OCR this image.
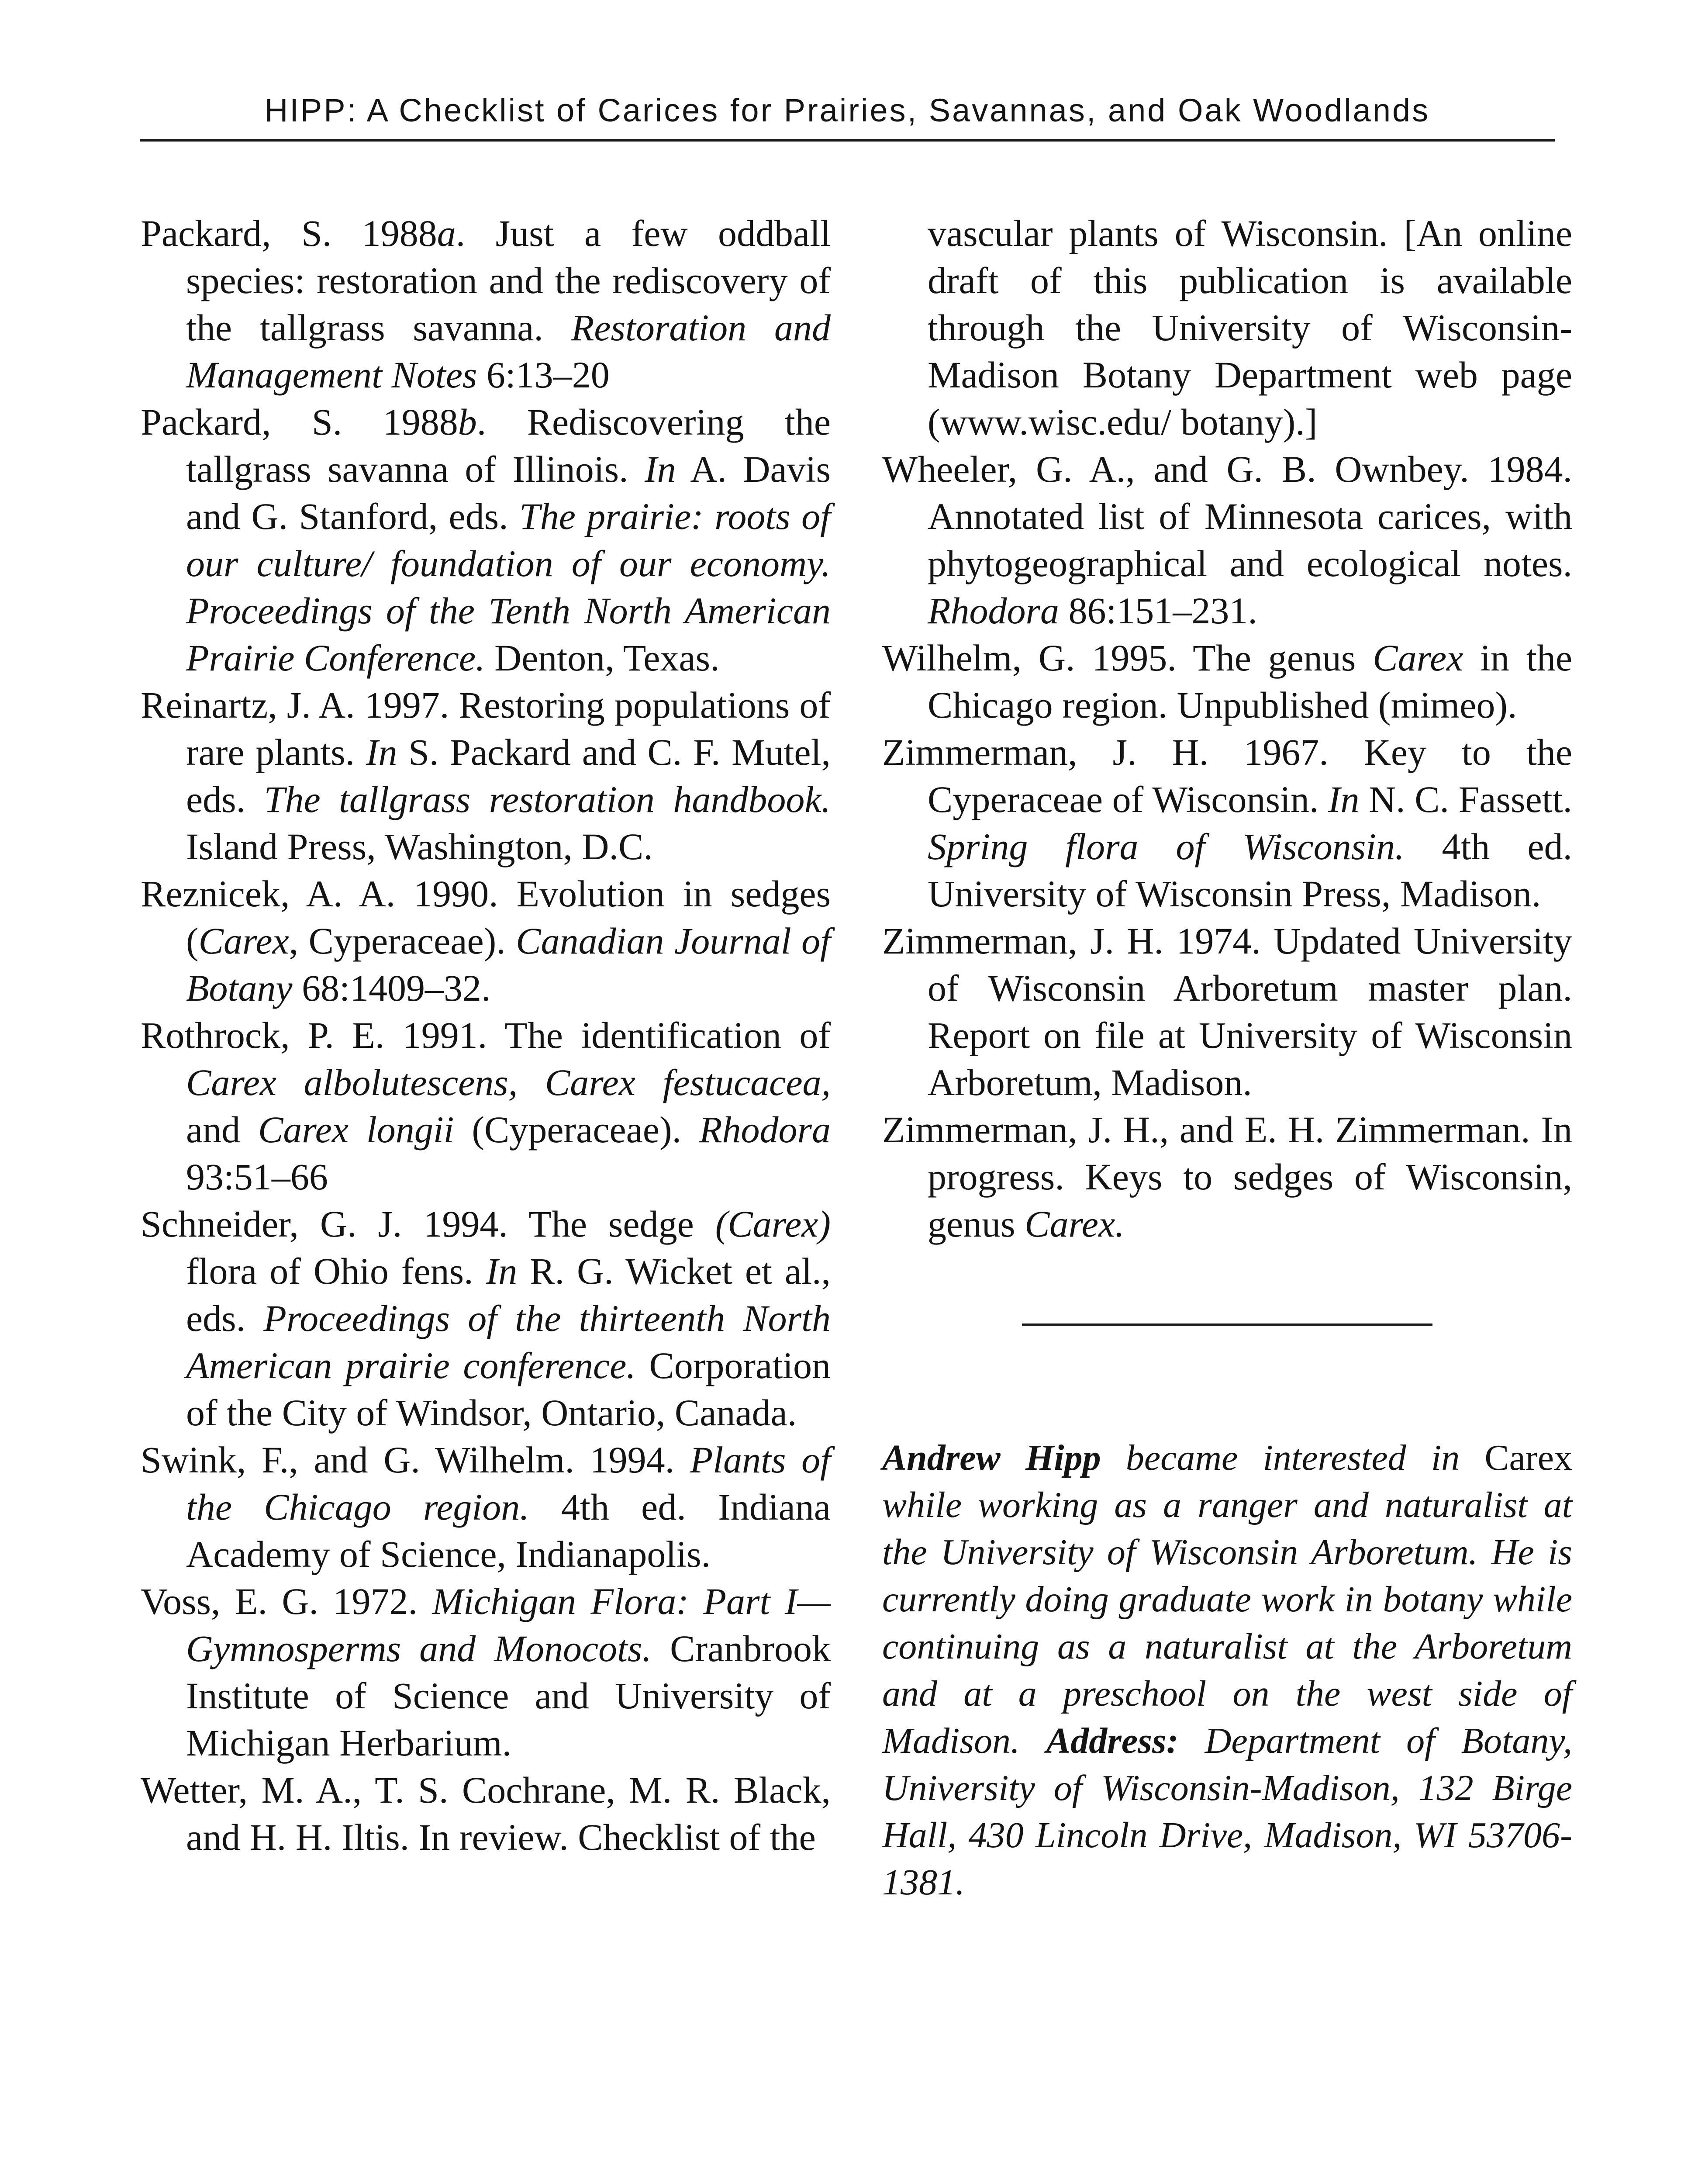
HIPP: A Checklist of Carices for Prairies, Savannas, and Oak Woodlands

Packard, S. 1988a. Just a few oddball species: restoration and the rediscovery of the tallgrass savanna. Restoration and Management Notes 6:13–20

Packard, S. 1988b. Rediscovering the tallgrass savanna of Illinois. In A. Davis and G. Stanford, eds. The prairie: roots of our culture/ foundation of our economy. Proceedings of the Tenth North American Prairie Conference. Denton, Texas.

Reinartz, J. A. 1997. Restoring populations of rare plants. In S. Packard and C. F. Mutel, eds. The tallgrass restoration handbook. Island Press, Washington, D.C.

Reznicek, A. A. 1990. Evolution in sedges (Carex, Cyperaceae). Canadian Journal of Botany 68:1409–32.

Rothrock, P. E. 1991. The identification of Carex albolutescens, Carex festucacea, and Carex longii (Cyperaceae). Rhodora 93:51–66

Schneider, G. J. 1994. The sedge (Carex) flora of Ohio fens. In R. G. Wicket et al., eds. Proceedings of the thirteenth North American prairie conference. Corporation of the City of Windsor, Ontario, Canada.

Swink, F., and G. Wilhelm. 1994. Plants of the Chicago region. 4th ed. Indiana Academy of Science, Indianapolis.

Voss, E. G. 1972. Michigan Flora: Part I—Gymnosperms and Monocots. Cranbrook Institute of Science and University of Michigan Herbarium.

Wetter, M. A., T. S. Cochrane, M. R. Black, and H. H. Iltis. In review. Checklist of the

vascular plants of Wisconsin. [An online draft of this publication is available through the University of Wisconsin-Madison Botany Department web page (www.wisc.edu/ botany).]

Wheeler, G. A., and G. B. Ownbey. 1984. Annotated list of Minnesota carices, with phytogeographical and ecological notes. Rhodora 86:151–231.

Wilhelm, G. 1995. The genus Carex in the Chicago region. Unpublished (mimeo).

Zimmerman, J. H. 1967. Key to the Cyperaceae of Wisconsin. In N. C. Fassett. Spring flora of Wisconsin. 4th ed. University of Wisconsin Press, Madison.

Zimmerman, J. H. 1974. Updated University of Wisconsin Arboretum master plan. Report on file at University of Wisconsin Arboretum, Madison.

Zimmerman, J. H., and E. H. Zimmerman. In progress. Keys to sedges of Wisconsin, genus Carex.

Andrew Hipp became interested in Carex while working as a ranger and naturalist at the University of Wisconsin Arboretum. He is currently doing graduate work in botany while continuing as a naturalist at the Arboretum and at a preschool on the west side of Madison. Address: Department of Botany, University of Wisconsin-Madison, 132 Birge Hall, 430 Lincoln Drive, Madison, WI 53706-1381.
